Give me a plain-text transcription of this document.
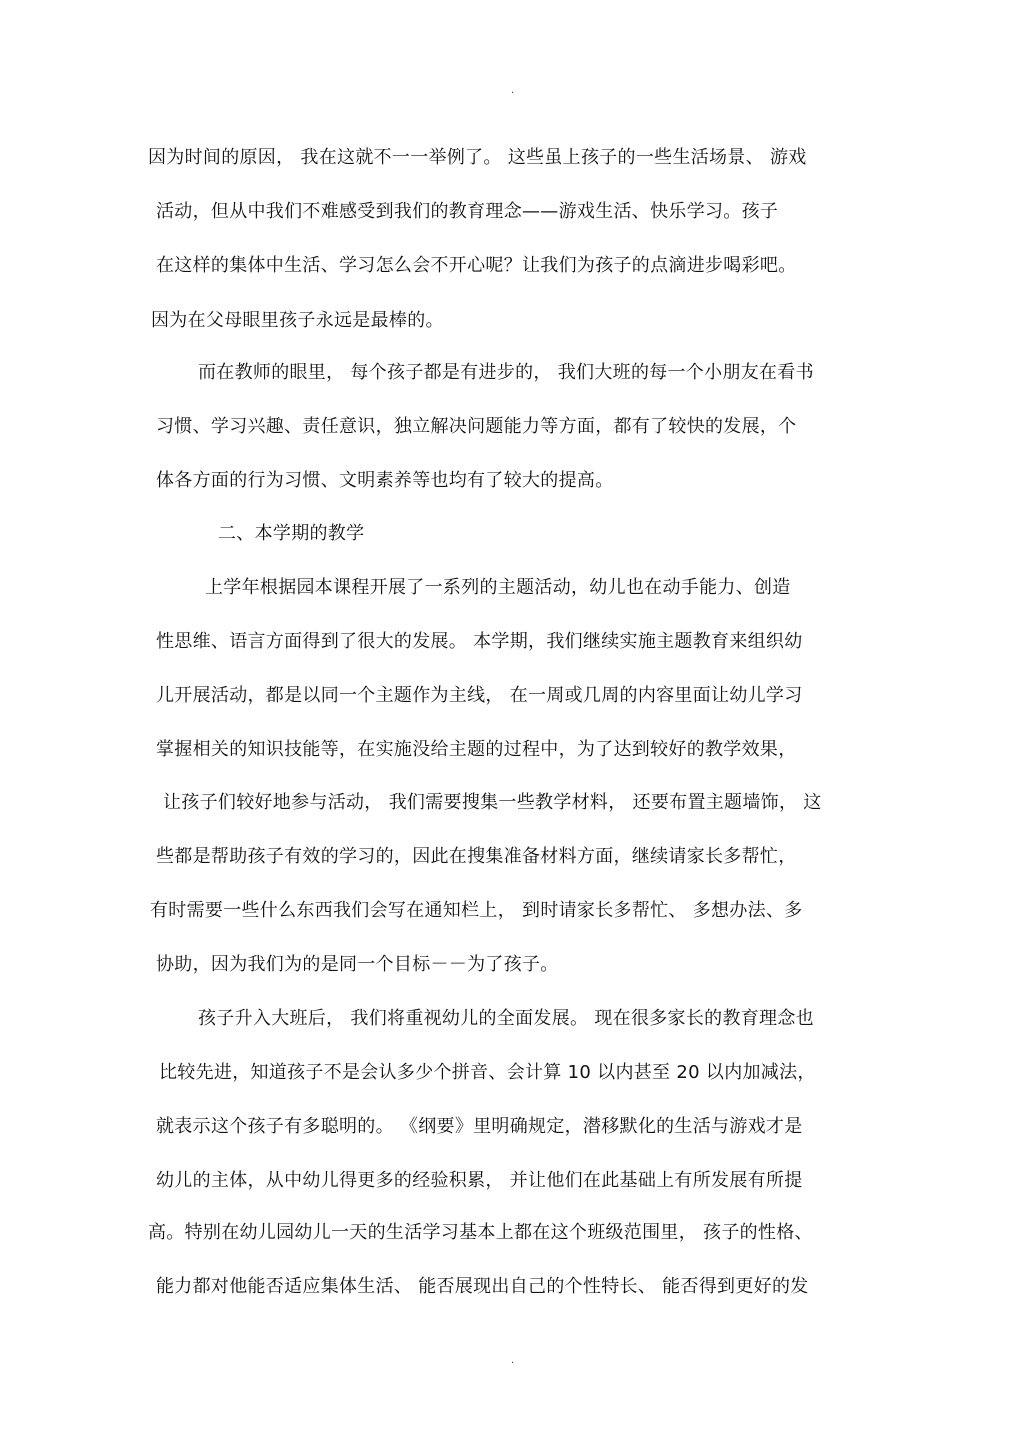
.
因为时间的原因， 我在这就不一一举例了。 这些虽上孩子的一些生活场景、 游戏
活动，但从中我们不难感受到我们的教育理念——游戏生活、快乐学习。孩子
在这样的集体中生活、学习怎么会不开心呢？让我们为孩子的点滴进步喝彩吧。
因为在父母眼里孩子永远是最棒的。
而在教师的眼里， 每个孩子都是有进步的， 我们大班的每一个小朋友在看书
习惯、学习兴趣、责任意识，独立解决问题能力等方面，都有了较快的发展，个
体各方面的行为习惯、文明素养等也均有了较大的提高。
二、本学期的教学
上学年根据园本课程开展了一系列的主题活动，幼儿也在动手能力、创造
性思维、语言方面得到了很大的发展。 本学期，我们继续实施主题教育来组织幼
儿开展活动，都是以同一个主题作为主线， 在一周或几周的内容里面让幼儿学习
掌握相关的知识技能等，在实施没给主题的过程中，为了达到较好的教学效果，
让孩子们较好地参与活动， 我们需要搜集一些教学材料， 还要布置主题墙饰， 这
些都是帮助孩子有效的学习的，因此在搜集准备材料方面，继续请家长多帮忙，
有时需要一些什么东西我们会写在通知栏上， 到时请家长多帮忙、 多想办法、多
协助，因为我们为的是同一个目标－－为了孩子。
孩子升入大班后， 我们将重视幼儿的全面发展。 现在很多家长的教育理念也
比较先进，知道孩子不是会认多少个拼音、会计算 10 以内甚至 20 以内加减法，
就表示这个孩子有多聪明的。 《纲要》里明确规定，潜移默化的生活与游戏才是
幼儿的主体，从中幼儿得更多的经验积累， 并让他们在此基础上有所发展有所提
高。特别在幼儿园幼儿一天的生活学习基本上都在这个班级范围里， 孩子的性格、
能力都对他能否适应集体生活、 能否展现出自己的个性特长、 能否得到更好的发
.
